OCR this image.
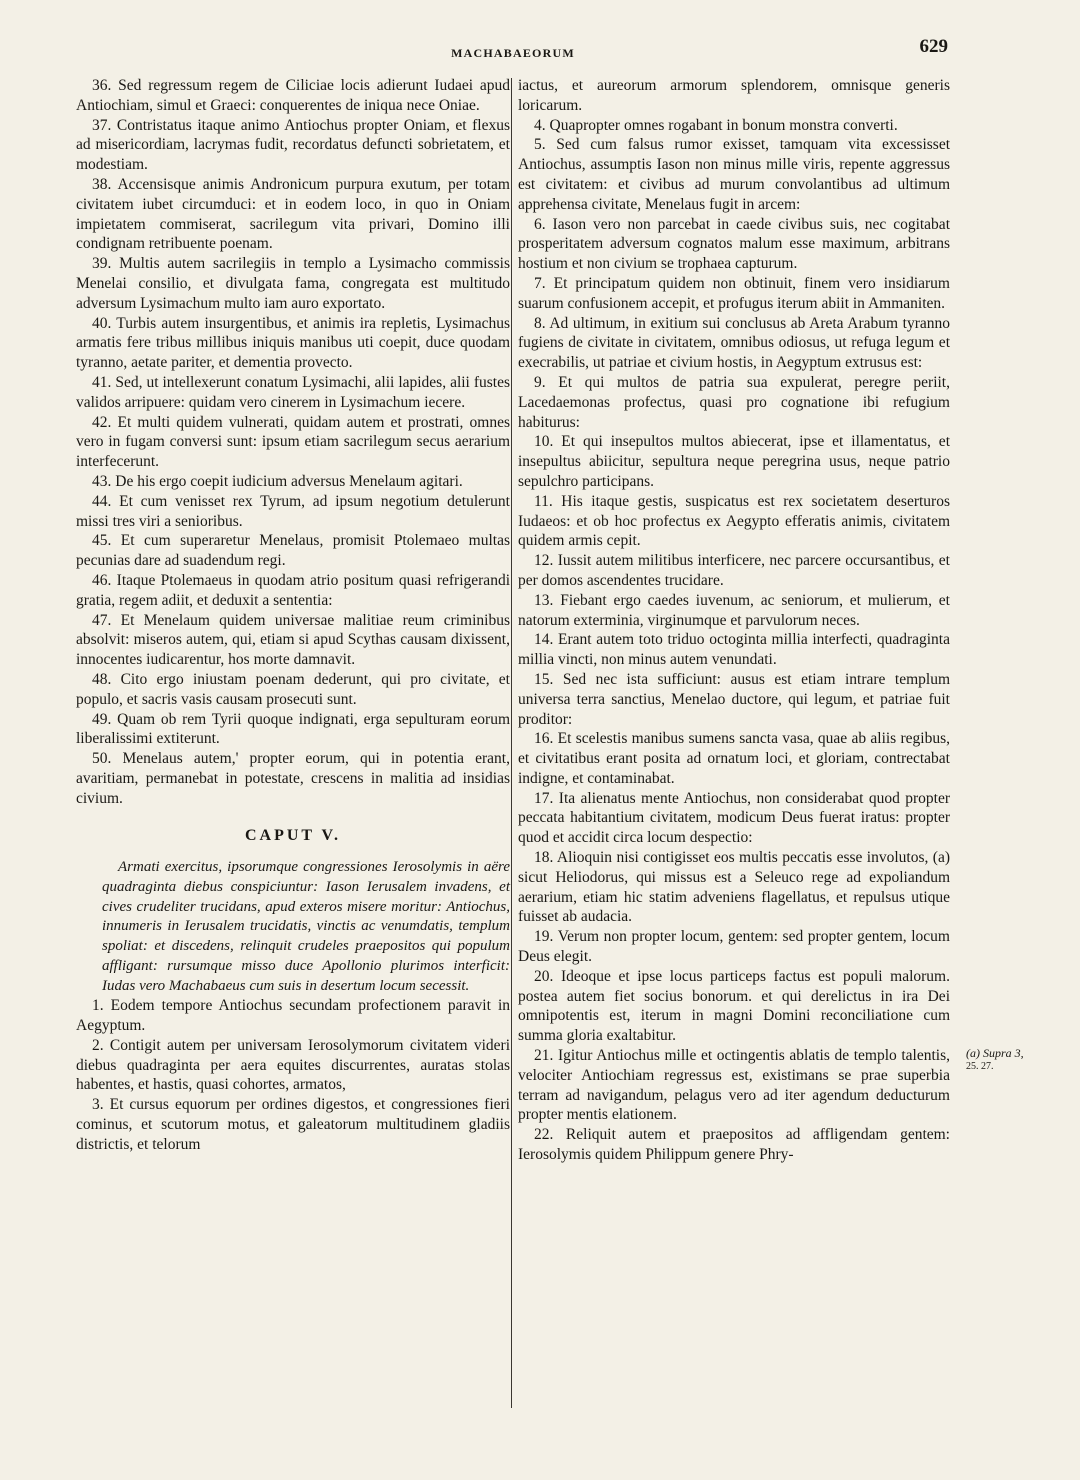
MACHABAEORUM	629

36. Sed regressum regem de Ciliciae locis adierunt Iudaei apud Antiochiam, simul et Graeci: conquerentes de iniqua nece Oniae.

37. Contristatus itaque animo Antiochus propter Oniam, et flexus ad misericordiam, lacrymas fudit, recordatus defuncti sobrietatem, et modestiam.

38. Accensisque animis Andronicum purpura exutum, per totam civitatem iubet circumduci: et in eodem loco, in quo in Oniam impietatem commiserat, sacrilegum vita privari, Domino illi condignam retribuente poenam.

39. Multis autem sacrilegiis in templo a Lysimacho commissis Menelai consilio, et divulgata fama, congregata est multitudo adversum Lysimachum multo iam auro exportato.

40. Turbis autem insurgentibus, et animis ira repletis, Lysimachus armatis fere tribus millibus iniquis manibus uti coepit, duce quodam tyranno, aetate pariter, et dementia provecto.

41. Sed, ut intellexerunt conatum Lysimachi, alii lapides, alii fustes validos arripuere: quidam vero cinerem in Lysimachum iecere.

42. Et multi quidem vulnerati, quidam autem et prostrati, omnes vero in fugam conversi sunt: ipsum etiam sacrilegum secus aerarium interfecerunt.

43. De his ergo coepit iudicium adversus Menelaum agitari.

44. Et cum venisset rex Tyrum, ad ipsum negotium detulerunt missi tres viri a senioribus.

45. Et cum superaretur Menelaus, promisit Ptolemaeo multas pecunias dare ad suadendum regi.

46. Itaque Ptolemaeus in quodam atrio positum quasi refrigerandi gratia, regem adiit, et deduxit a sententia:

47. Et Menelaum quidem universae malitiae reum criminibus absolvit: miseros autem, qui, etiam si apud Scythas causam dixissent, innocentes iudicarentur, hos morte damnavit.

48. Cito ergo iniustam poenam dederunt, qui pro civitate, et populo, et sacris vasis causam prosecuti sunt.

49. Quam ob rem Tyrii quoque indignati, erga sepulturam eorum liberalissimi extiterunt.

50. Menelaus autem,' propter eorum, qui in potentia erant, avaritiam, permanebat in potestate, crescens in malitia ad insidias civium.

CAPUT V.

Armati exercitus, ipsorumque congressiones Ierosolymis in aëre quadraginta diebus conspiciuntur: Iason Ierusalem invadens, et cives crudeliter trucidans, apud exteros misere moritur: Antiochus, innumeris in Ierusalem trucidatis, vinctis ac venumdatis, templum spoliat: et discedens, relinquit crudeles praepositos qui populum affligant: rursumque misso duce Apollonio plurimos interficit: Iudas vero Machabaeus cum suis in desertum locum secessit.

1. Eodem tempore Antiochus secundam profectionem paravit in Aegyptum.

2. Contigit autem per universam Ierosolymorum civitatem videri diebus quadraginta per aera equites discurrentes, auratas stolas habentes, et hastis, quasi cohortes, armatos,

3. Et cursus equorum per ordines digestos, et congressiones fieri cominus, et scutorum motus, et galeatorum multitudinem gladiis districtis, et telorum

iactus, et aureorum armorum splendorem, omnisque generis loricarum.

4. Quapropter omnes rogabant in bonum monstra converti.

5. Sed cum falsus rumor exisset, tamquam vita excessisset Antiochus, assumptis Iason non minus mille viris, repente aggressus est civitatem: et civibus ad murum convolantibus ad ultimum apprehensa civitate, Menelaus fugit in arcem:

6. Iason vero non parcebat in caede civibus suis, nec cogitabat prosperitatem adversum cognatos malum esse maximum, arbitrans hostium et non civium se trophaea capturum.

7. Et principatum quidem non obtinuit, finem vero insidiarum suarum confusionem accepit, et profugus iterum abiit in Ammaniten.

8. Ad ultimum, in exitium sui conclusus ab Areta Arabum tyranno fugiens de civitate in civitatem, omnibus odiosus, ut refuga legum et execrabilis, ut patriae et civium hostis, in Aegyptum extrusus est:

9. Et qui multos de patria sua expulerat, peregre periit, Lacedaemonas profectus, quasi pro cognatione ibi refugium habiturus:

10. Et qui insepultos multos abiecerat, ipse et illamentatus, et insepultus abiicitur, sepultura neque peregrina usus, neque patrio sepulchro participans.

11. His itaque gestis, suspicatus est rex societatem deserturos Iudaeos: et ob hoc profectus ex Aegypto efferatis animis, civitatem quidem armis cepit.

12. Iussit autem militibus interficere, nec parcere occursantibus, et per domos ascendentes trucidare.

13. Fiebant ergo caedes iuvenum, ac seniorum, et mulierum, et natorum exterminia, virginumque et parvulorum neces.

14. Erant autem toto triduo octoginta millia interfecti, quadraginta millia vincti, non minus autem venundati.

15. Sed nec ista sufficiunt: ausus est etiam intrare templum universa terra sanctius, Menelao ductore, qui legum, et patriae fuit proditor:

16. Et scelestis manibus sumens sancta vasa, quae ab aliis regibus, et civitatibus erant posita ad ornatum loci, et gloriam, contrectabat indigne, et contaminabat.

17. Ita alienatus mente Antiochus, non considerabat quod propter peccata habitantium civitatem, modicum Deus fuerat iratus: propter quod et accidit circa locum despectio:

18. Alioquin nisi contigisset eos multis peccatis esse involutos, (a) sicut Heliodorus, qui missus est a Seleuco rege ad expoliandum aerarium, etiam hic statim adveniens flagellatus, et repulsus utique fuisset ab audacia.

19. Verum non propter locum, gentem: sed propter gentem, locum Deus elegit.

20. Ideoque et ipse locus particeps factus est populi malorum. postea autem fiet socius bonorum. et qui derelictus in ira Dei omnipotentis est, iterum in magni Domini reconciliatione cum summa gloria exaltabitur.

21. Igitur Antiochus mille et octingentis ablatis de templo talentis, velociter Antiochiam regressus est, existimans se prae superbia terram ad navigandum, pelagus vero ad iter agendum deducturum propter mentis elationem.

22. Reliquit autem et praepositos ad affligendam gentem: Ierosolymis quidem Philippum genere Phry-

(a) Supra 3,
25. 27.
